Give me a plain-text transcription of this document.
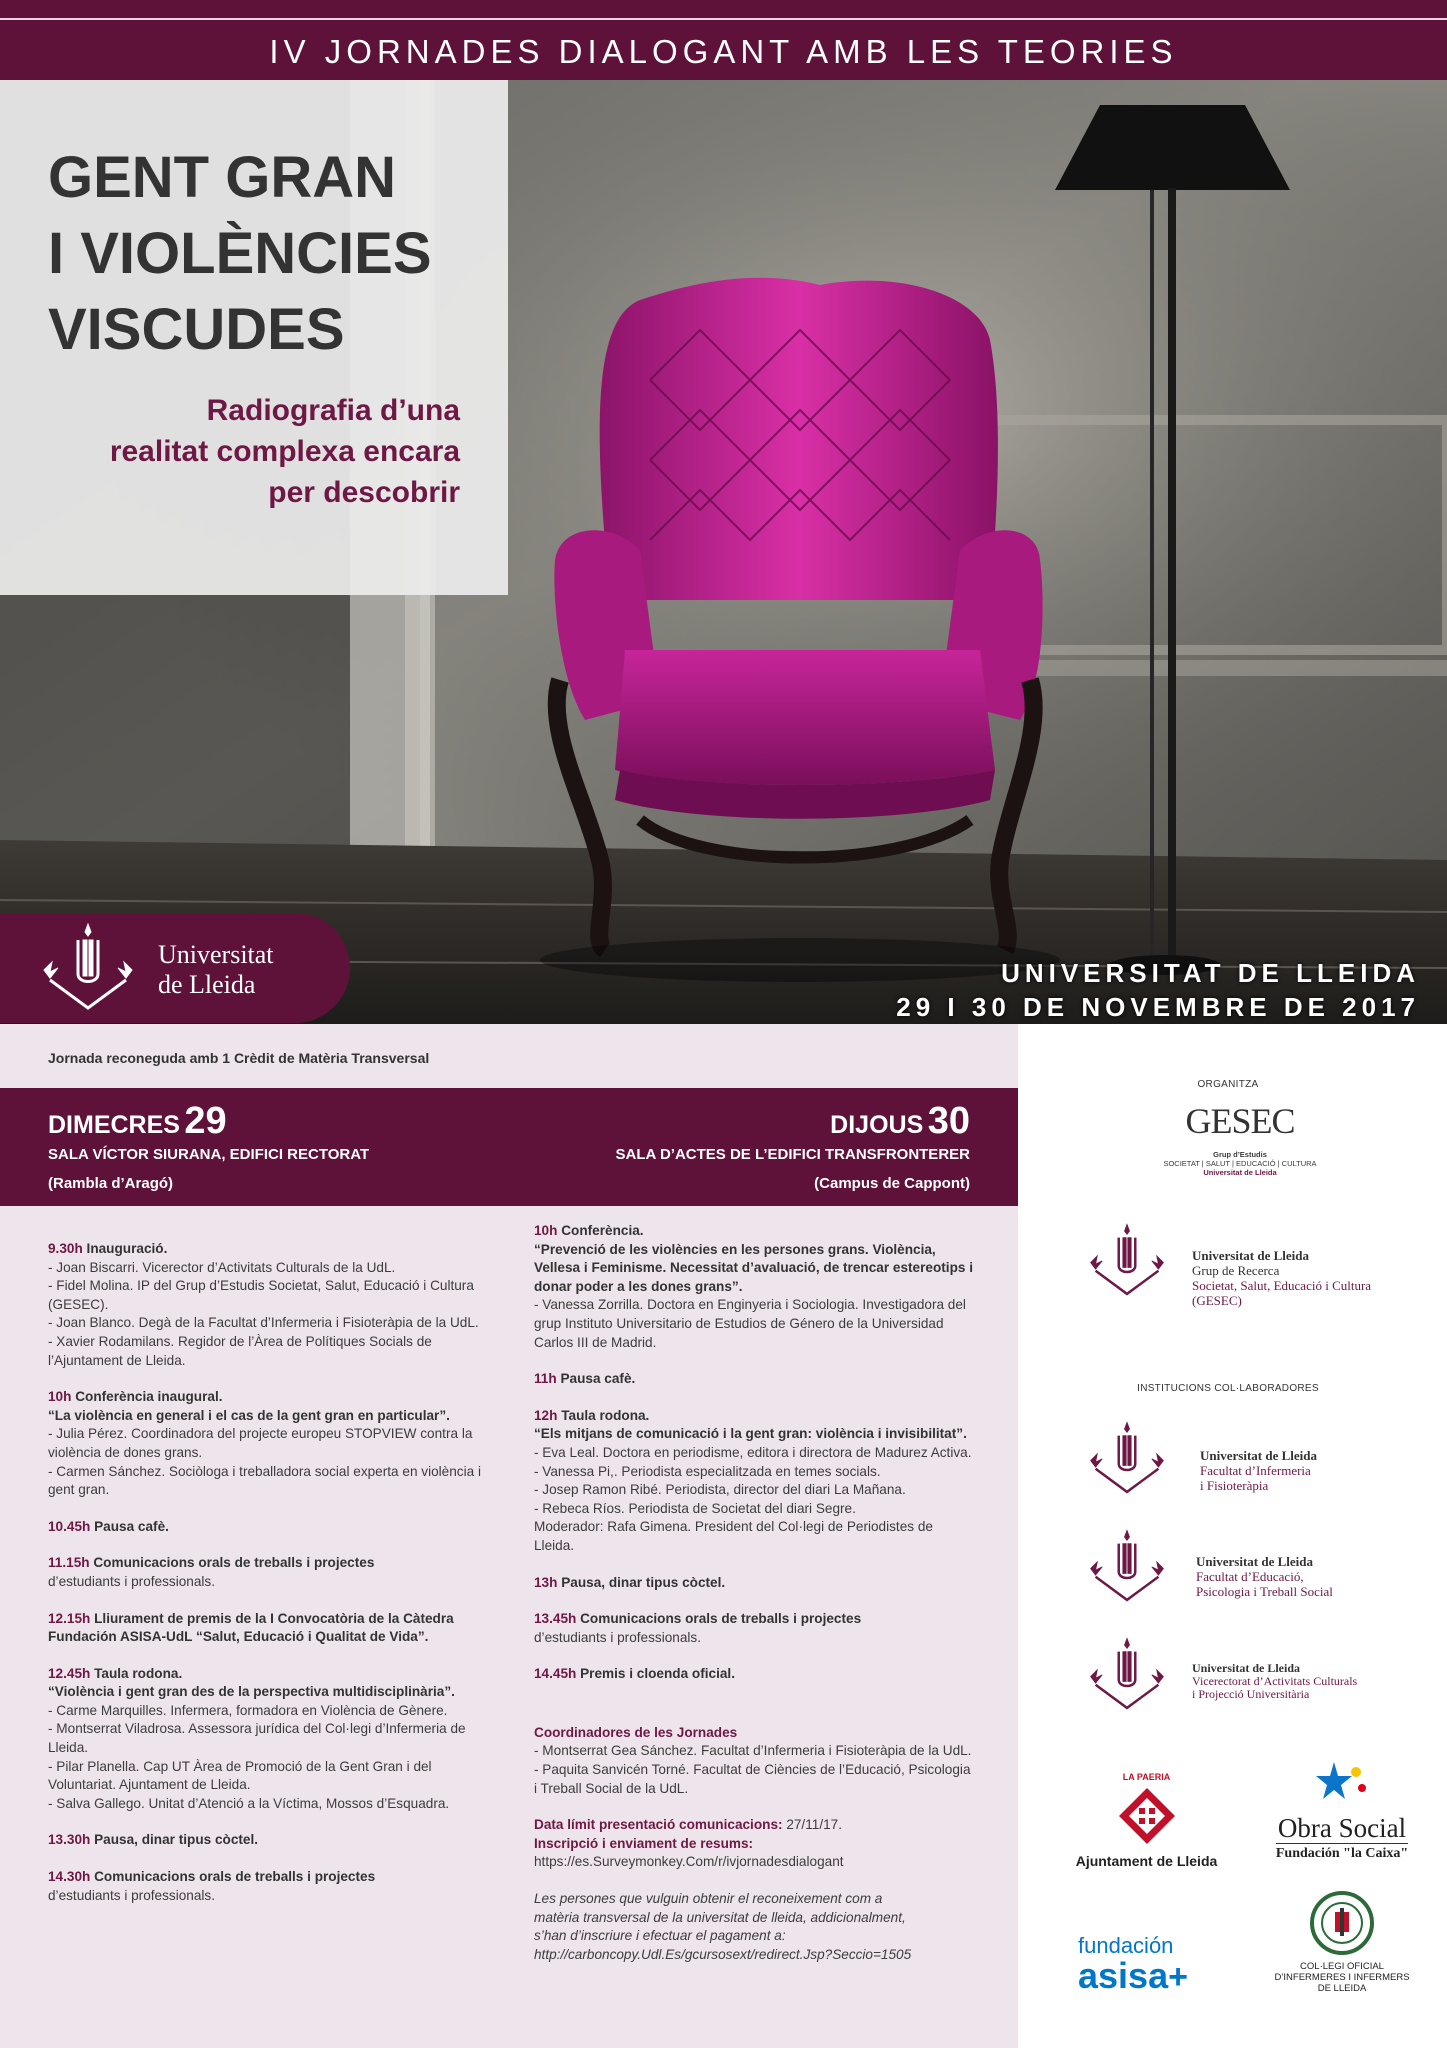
IV JORNADES DIALOGANT AMB LES TEORIES
GENT GRAN
I VIOLÈNCIES
VISCUDES
Radiografia d’una
realitat complexa encara
per descobrir
Universitat
de Lleida	UNIVERSITAT DE LLEIDA
29 I 30 DE NOVEMBRE DE 2017
Jornada reconeguda amb 1 Crèdit de Matèria Transversal
DIMECRES 29
SALA VÍCTOR SIURANA, EDIFICI RECTORAT
(Rambla d’Aragó)
DIJOUS 30
SALA D’ACTES DE L’EDIFICI TRANSFRONTERER
(Campus de Cappont)
9.30h Inauguració.
- Joan Biscarri. Vicerector d’Activitats Culturals de la UdL.
- Fidel Molina. IP del Grup d’Estudis Societat, Salut, Educació i Cultura (GESEC).
- Joan Blanco. Degà de la Facultat d’Infermeria i Fisioteràpia de la UdL.
- Xavier Rodamilans. Regidor de l’Àrea de Polítiques Socials de l’Ajuntament de Lleida.
10h Conferència inaugural.
“La violència en general i el cas de la gent gran en particular”.
- Julia Pérez. Coordinadora del projecte europeu STOPVIEW contra la violència de dones grans.
- Carmen Sánchez. Sociòloga i treballadora social experta en violència i gent gran.
10.45h Pausa cafè.
11.15h Comunicacions orals de treballs i projectes
d’estudiants i professionals.
12.15h Lliurament de premis de la I Convocatòria de la Càtedra Fundación ASISA-UdL “Salut, Educació i Qualitat de Vida”.
12.45h Taula rodona.
“Violència i gent gran des de la perspectiva multidisciplinària”.
- Carme Marquilles. Infermera, formadora en Violència de Gènere.
- Montserrat Viladrosa. Assessora jurídica del Col·legi d’Infermeria de Lleida.
- Pilar Planella. Cap UT Àrea de Promoció de la Gent Gran i del Voluntariat. Ajuntament de Lleida.
- Salva Gallego. Unitat d’Atenció a la Víctima, Mossos d’Esquadra.
13.30h Pausa, dinar tipus còctel.
14.30h Comunicacions orals de treballs i projectes
d’estudiants i professionals.
10h Conferència.
“Prevenció de les violències en les persones grans. Violència, Vellesa i Feminisme. Necessitat d’avaluació, de trencar estereotips i donar poder a les dones grans”.
- Vanessa Zorrilla. Doctora en Enginyeria i Sociologia. Investigadora del grup Instituto Universitario de Estudios de Género de la Universidad Carlos III de Madrid.
11h Pausa cafè.
12h Taula rodona.
“Els mitjans de comunicació i la gent gran: violència i invisibilitat”.
- Eva Leal. Doctora en periodisme, editora i directora de Madurez Activa.
- Vanessa Pi,. Periodista especialitzada en temes socials.
- Josep Ramon Ribé. Periodista, director del diari La Mañana.
- Rebeca Ríos. Periodista de Societat del diari Segre.
Moderador: Rafa Gimena. President del Col·legi de Periodistes de Lleida.
13h Pausa, dinar tipus còctel.
13.45h Comunicacions orals de treballs i projectes
d’estudiants i professionals.
14.45h Premis i cloenda oficial.
Coordinadores de les Jornades
- Montserrat Gea Sánchez. Facultat d’Infermeria i Fisioteràpia de la UdL.
- Paquita Sanvicén Torné. Facultat de Ciències de l’Educació, Psicologia i Treball Social de la UdL.
Data límit presentació comunicacions: 27/11/17.
Inscripció i enviament de resums:
https://es.Surveymonkey.Com/r/ivjornadesdialogant
Les persones que vulguin obtenir el reconeixement com a
matèria transversal de la universitat de lleida, addicionalment,
s’han d’inscriure i efectuar el pagament a:
http://carboncopy.Udl.Es/gcursosext/redirect.Jsp?Seccio=1505
ORGANITZA
GESEC
Grup d’Estudis
SOCIETAT | SALUT | EDUCACIÓ | CULTURA
Universitat de Lleida
Universitat de Lleida
Grup de Recerca
Societat, Salut, Educació i Cultura
(GESEC)
INSTITUCIONS COL·LABORADORES
Universitat de Lleida
Facultat d’Infermeria
i Fisioteràpia
Universitat de Lleida
Facultat d’Educació,
Psicologia i Treball Social
Universitat de Lleida
Vicerectorat d’Activitats Culturals
i Projecció Universitària
LA PAERIA
Ajuntament de Lleida
Obra Social
Fundación "la Caixa"
fundación
asisa+	COL·LEGI OFICIAL
D’INFERMERES I INFERMERS
DE LLEIDA
